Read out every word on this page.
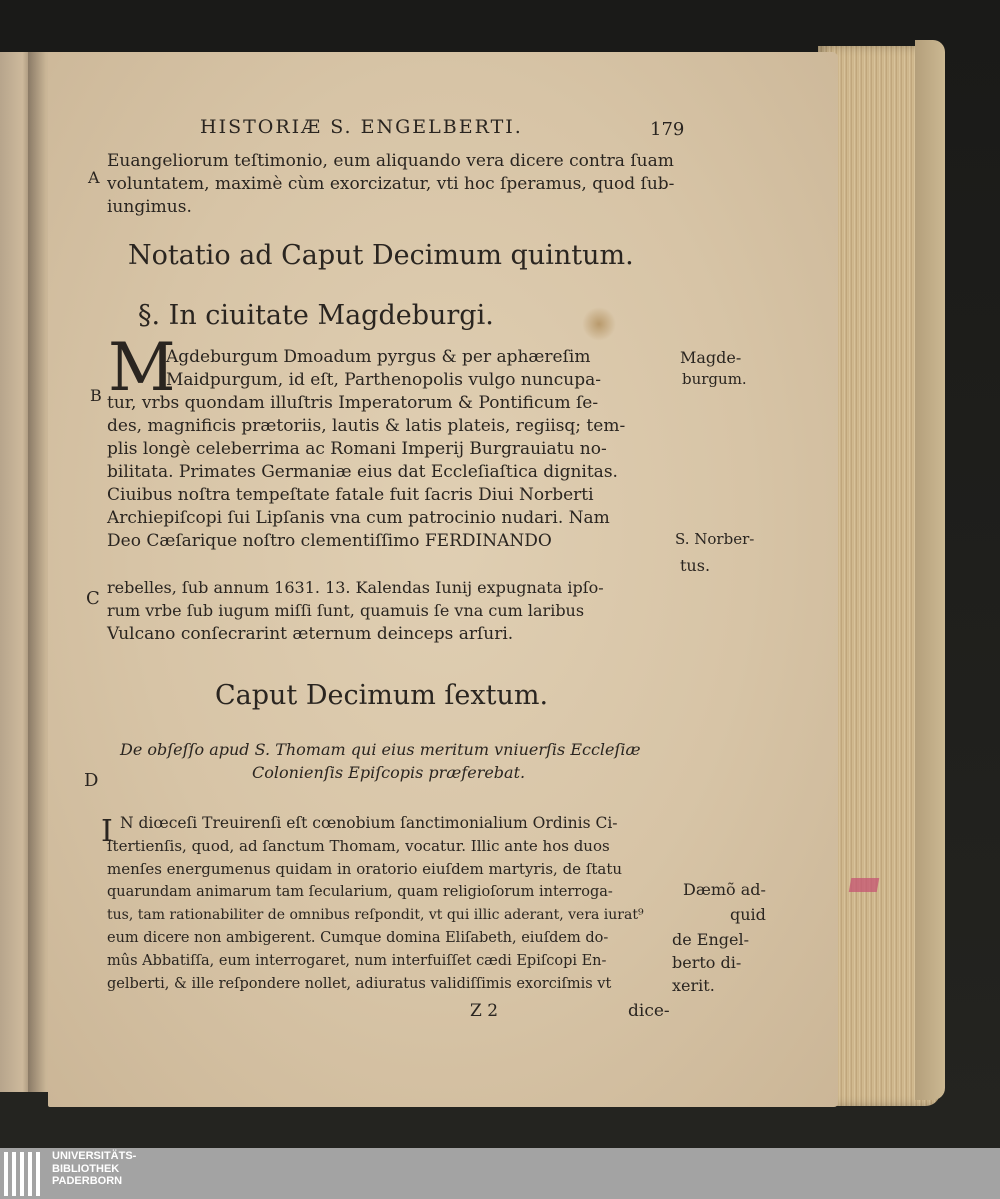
HISTORIÆ S. ENGELBERTI.	179
Euangeliorum teſtimonio, eum aliquando vera dicere contra ſuam
voluntatem, maximè cùm exorcizatur, vti hoc ſperamus, quod ſub-
iungimus.
Notatio ad Caput Decimum quintum.
§. In ciuitate Magdeburgi.
M
Agdeburgum Dmoadum pyrgus & per aphæreſim
Maidpurgum, id eſt, Parthenopolis vulgo nuncupa-
tur, vrbs quondam illuſtris Imperatorum & Pontificum ſe-
des, magnificis prætoriis, lautis & latis plateis, regiisq; tem-
plis longè celeberrima ac Romani Imperij Burgrauiatu no-
bilitata. Primates Germaniæ eius dat Eccleſiaſtica dignitas.
Ciuibus noſtra tempeſtate fatale fuit ſacris Diui Norberti
Archiepiſcopi ſui Lipſanis vna cum patrocinio nudari. Nam
Deo Cæſarique noſtro clementiſſimo FERDINANDO
rebelles, ſub annum 1631. 13. Kalendas Iunij expugnata ipſo-
rum vrbe ſub iugum miſſi ſunt, quamuis ſe vna cum laribus
Vulcano conſecrarint æternum deinceps arſuri.
Caput Decimum ſextum.
De obſeſſo apud S. Thomam qui eius meritum vniuerſis Eccleſiæ
Colonienſis Epiſcopis præferebat.
I N diœceſi Treuirenſi eſt cœnobium ſanctimonialium Ordinis Ci-
ſtertienſis, quod, ad ſanctum Thomam, vocatur. Illic ante hos duos
menſes energumenus quidam in oratorio eiuſdem martyris, de ſtatu
quarundam animarum tam ſecularium, quam religioſorum interroga-
tus, tam rationabiliter de omnibus reſpondit, vt qui illic aderant, vera iurat⁹
eum dicere non ambigerent. Cumque domina Eliſabeth, eiuſdem do-
mûs Abbatiſſa, eum interrogaret, num interfuiſſet cædi Epiſcopi En-
gelberti, & ille reſpondere nollet, adiuratus validiſſimis exorciſmis vt
Z 2	dice-
A
B
C
D
Magde-
burgum.
S. Norber-
tus.
Dæmõ ad-
quid
de Engel-
berto di-
xerit.
UNIVERSITÄTS-
BIBLIOTHEK
PADERBORN
